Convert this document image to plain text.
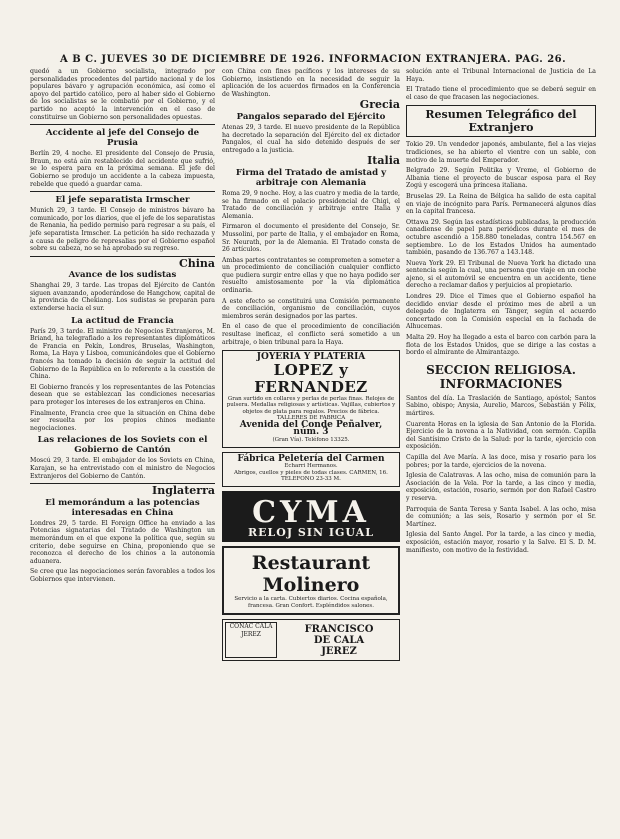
A B C. JUEVES 30 DE DICIEMBRE DE 1926. INFORMACION EXTRANJERA. PAG. 26.

quedó a un Gobierno socialista, integrado por personalidades procedentes del partido nacional y de los populares bávaro y agrupación económica, así como el apoyo del partido católico, pero al haber sido el Gobierno de los socialistas se le combatió por el Gobierno, y el partido no aceptó la intervención en el caso de constituirse un Gobierno son personalidades opuestas.

Accidente al jefe del Consejo de Prusia

Berlín 29, 4 noche. El presidente del Consejo de Prusia, Braun, no está aún restablecido del accidente que sufrió, se lo espera para en la próxima semana. El jefe del Gobierno se produjo un accidente a la cabeza impuesta, rebelde que quedó a guardar cama.

El jefe separatista Irmscher

Munich 29, 3 tarde. El Consejo de ministros bávaro ha comunicado, por los diarios, que el jefe de los separatistas de Renania, ha pedido permiso para regresar a su país, el jefe separatista Irmscher. La petición ha sido rechazada y a causa de peligro de represalias por el Gobierno español sobre su cabeza, no se ha aprobado su regreso.

China
Avance de los sudistas

Shanghai 29, 3 tarde. Las tropas del Ejército de Cantón siguen avanzando, apoderándose de Hangchow, capital de la provincia de Chekiang. Los sudistas se preparan para extenderse hacia el sur.

La actitud de Francia

París 29, 3 tarde. El ministro de Negocios Extranjeros, M. Briand, ha telegrafiado a los representantes diplomáticos de Francia en Pekín, Londres, Bruselas, Washington, Roma, La Haya y Lisboa, comunicándoles que el Gobierno francés ha tomado la decisión de seguir la actitud del Gobierno de la República en lo referente a la cuestión de China.

El Gobierno francés y los representantes de las Potencias desean que se establezcan las condiciones necesarias para proteger los intereses de los extranjeros en China.

Finalmente, Francia cree que la situación en China debe ser resuelta por los propios chinos mediante negociaciones.

Las relaciones de los Soviets con el Gobierno de Cantón

Moscú 29, 3 tarde. El embajador de los Soviets en China, Karajan, se ha entrevistado con el ministro de Negocios Extranjeros del Gobierno de Cantón.

Inglaterra
El memorándum a las potencias interesadas en China

Londres 29, 5 tarde. El Foreign Office ha enviado a las Potencias signatarias del Tratado de Washington un memorándum en el que expone la política que, según su criterio, debe seguirse en China, proponiendo que se reconozca el derecho de los chinos a la autonomía aduanera.

Se cree que las negociaciones serán favorables a todos los Gobiernos que intervienen.

con China con fines pacíficos y los intereses de su Gobierno, insistiendo en la necesidad de seguir la aplicación de los acuerdos firmados en la Conferencia de Washington.

Grecia
Pangalos separado del Ejército

Atenas 29, 3 tarde. El nuevo presidente de la República ha decretado la separación del Ejército del ex dictador Pangalos, el cual ha sido detenido después de ser entregado a la justicia.

Italia
Firma del Tratado de amistad y arbitraje con Alemania

Roma 29, 9 noche. Hoy, a las cuatro y media de la tarde, se ha firmado en el palacio presidencial de Chigi, el Tratado de conciliación y arbitraje entre Italia y Alemania.

Firmaron el documento el presidente del Consejo, Sr. Mussolini, por parte de Italia, y el embajador en Roma, Sr. Neurath, por la de Alemania. El Tratado consta de 26 artículos.

Ambas partes contratantes se comprometen a someter a un procedimiento de conciliación cualquier conflicto que pudiera surgir entre ellas y que no haya podido ser resuelto amistosamente por la vía diplomática ordinaria.

A este efecto se constituirá una Comisión permanente de conciliación, organismo de conciliación, cuyos miembros serán designados por las partes.

En el caso de que el procedimiento de conciliación resultase ineficaz, el conflicto será sometido a un arbitraje, o bien tribunal para la Haya.

JOYERIA Y PLATERIA
LOPEZ y FERNANDEZ
Gran surtido en collares y perlas de perlas finas. Relojes de pulsera. Medallas religiosas y artísticas. Vajillas, cubiertos y objetos de plata para regalos. Precios de fábrica.
TALLERES DE FABRICA
Avenida del Conde Peñalver, núm. 3
(Gran Vía). Teléfono 13325.
Fábrica Peletería del Carmen
Echarri Hermanos.
Abrigos, cuellos y pieles de todas clases. CARMEN, 16. TELEFONO 23-33 M.
CYMA
RELOJ SIN IGUAL
Restaurant Molinero
Servicio a la carta. Cubiertos diarios. Cocina española, francesa. Gran Confort. Espléndidos salones.
COÑAC CALA JEREZ	FRANCISCO
DE CALA
JEREZ

solución ante el Tribunal Internacional de Justicia de La Haya.

El Tratado tiene el procedimiento que se deberá seguir en el caso de que fracasen las negociaciones.

Resumen Telegráfico del Extranjero

Tokio 29. Un vendedor japonés, ambulante, fiel a las viejas tradiciones, se ha abierto el vientre con un sable, con motivo de la muerte del Emperador.

Belgrado 29. Según Politika y Vreme, el Gobierno de Albania tiene el proyecto de buscar esposa para el Rey Zogú y escogerá una princesa italiana.

Bruselas 29. La Reina de Bélgica ha salido de esta capital en viaje de incógnito para París. Permanecerá algunos días en la capital francesa.

Ottawa 29. Según las estadísticas publicadas, la producción canadiense de papel para periódicos durante el mes de octubre ascendió a 158.880 toneladas, contra 154.567 en septiembre. Lo de los Estados Unidos ha aumentado también, pasando de 136.767 a 143.148.

Nueva York 29. El Tribunal de Nueva York ha dictado una sentencia según la cual, una persona que viaje en un coche ajeno, si el automóvil se encuentra en un accidente, tiene derecho a reclamar daños y perjuicios al propietario.

Londres 29. Dice el Times que el Gobierno español ha decidido enviar desde el próximo mes de abril a un delegado de Inglaterra en Tánger, según el acuerdo concertado con la Comisión especial en la fachada de Alhucemas.

Malta 29. Hoy ha llegado a esta el barco con carbón para la flota de los Estados Unidos, que se dirige a las costas a bordo el almirante de Almirantazgo.

SECCION RELIGIOSA. INFORMACIONES

Santos del día. La Traslación de Santiago, apóstol; Santos Sabino, obispo; Anysia, Aurelio, Marcos, Sebastián y Félix, mártires.

Cuarenta Horas en la iglesia de San Antonio de la Florida. Ejercicio de la novena a la Natividad, con sermón. Capilla del Santísimo Cristo de la Salud: por la tarde, ejercicio con exposición.

Capilla del Ave María. A las doce, misa y rosario para los pobres; por la tarde, ejercicios de la novena.

Iglesia de Calatravas. A las ocho, misa de comunión para la Asociación de la Vela. Por la tarde, a las cinco y media, exposición, estación, rosario, sermón por don Rafael Castro y reserva.

Parroquia de Santa Teresa y Santa Isabel. A las ocho, misa de comunión; a las seis, Rosario y sermón por el Sr. Martínez.

Iglesia del Santo Ángel. Por la tarde, a las cinco y media, exposición, estación mayor, rosario y la Salve. El S. D. M. manifiesto, con motivo de la festividad.
